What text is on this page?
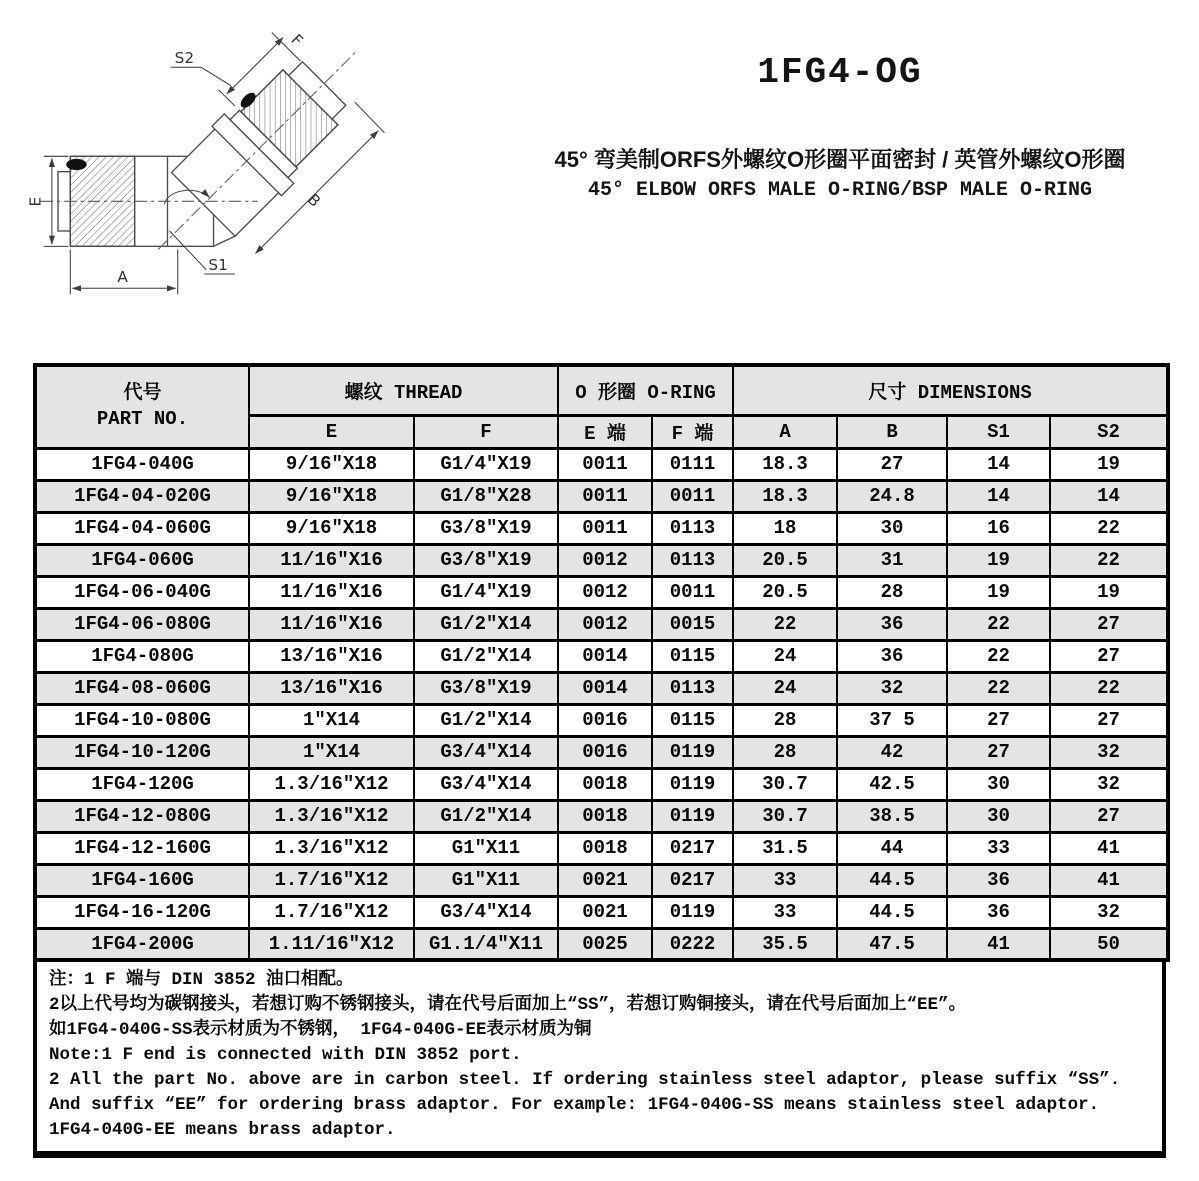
E
A
F
B
S2
S1
1FG4-OG
45° 弯美制ORFS外螺纹O形圈平面密封 / 英管外螺纹O形圈
45° ELBOW ORFS MALE O-RING/BSP MALE O-RING
代号
PART NO.	螺纹 THREAD		O 形圈 O-RING		尺寸 DIMENSIONS			
	E	F	E 端	F 端	A	B	S1	S2
1FG4-040G	9/16″X18	G1/4″X19	0011	0111	18.3	27	14	19
1FG4-04-020G	9/16″X18	G1/8″X28	0011	0011	18.3	24.8	14	14
1FG4-04-060G	9/16″X18	G3/8″X19	0011	0113	18	30	16	22
1FG4-060G	11/16″X16	G3/8″X19	0012	0113	20.5	31	19	22
1FG4-06-040G	11/16″X16	G1/4″X19	0012	0011	20.5	28	19	19
1FG4-06-080G	11/16″X16	G1/2″X14	0012	0015	22	36	22	27
1FG4-080G	13/16″X16	G1/2″X14	0014	0115	24	36	22	27
1FG4-08-060G	13/16″X16	G3/8″X19	0014	0113	24	32	22	22
1FG4-10-080G	1″X14	G1/2″X14	0016	0115	28	37 5	27	27
1FG4-10-120G	1″X14	G3/4″X14	0016	0119	28	42	27	32
1FG4-120G	1.3/16″X12	G3/4″X14	0018	0119	30.7	42.5	30	32
1FG4-12-080G	1.3/16″X12	G1/2″X14	0018	0119	30.7	38.5	30	27
1FG4-12-160G	1.3/16″X12	G1″X11	0018	0217	31.5	44	33	41
1FG4-160G	1.7/16″X12	G1″X11	0021	0217	33	44.5	36	41
1FG4-16-120G	1.7/16″X12	G3/4″X14	0021	0119	33	44.5	36	32
1FG4-200G	1.11/16″X12	G1.1/4″X11	0025	0222	35.5	47.5	41	50
注：1 F 端与 DIN 3852 油口相配。
2以上代号均为碳钢接头，若想订购不锈钢接头，请在代号后面加上“SS”，若想订购铜接头，请在代号后面加上“EE”。
如1FG4-040G-SS表示材质为不锈钢， 1FG4-040G-EE表示材质为铜
Note:1 F end is connected with DIN 3852 port.
2 All the part No. above are in carbon steel. If ordering stainless steel adaptor, please suffix “SS”.
And suffix “EE” for ordering brass adaptor. For example: 1FG4-040G-SS means stainless steel adaptor.
1FG4-040G-EE means brass adaptor.
